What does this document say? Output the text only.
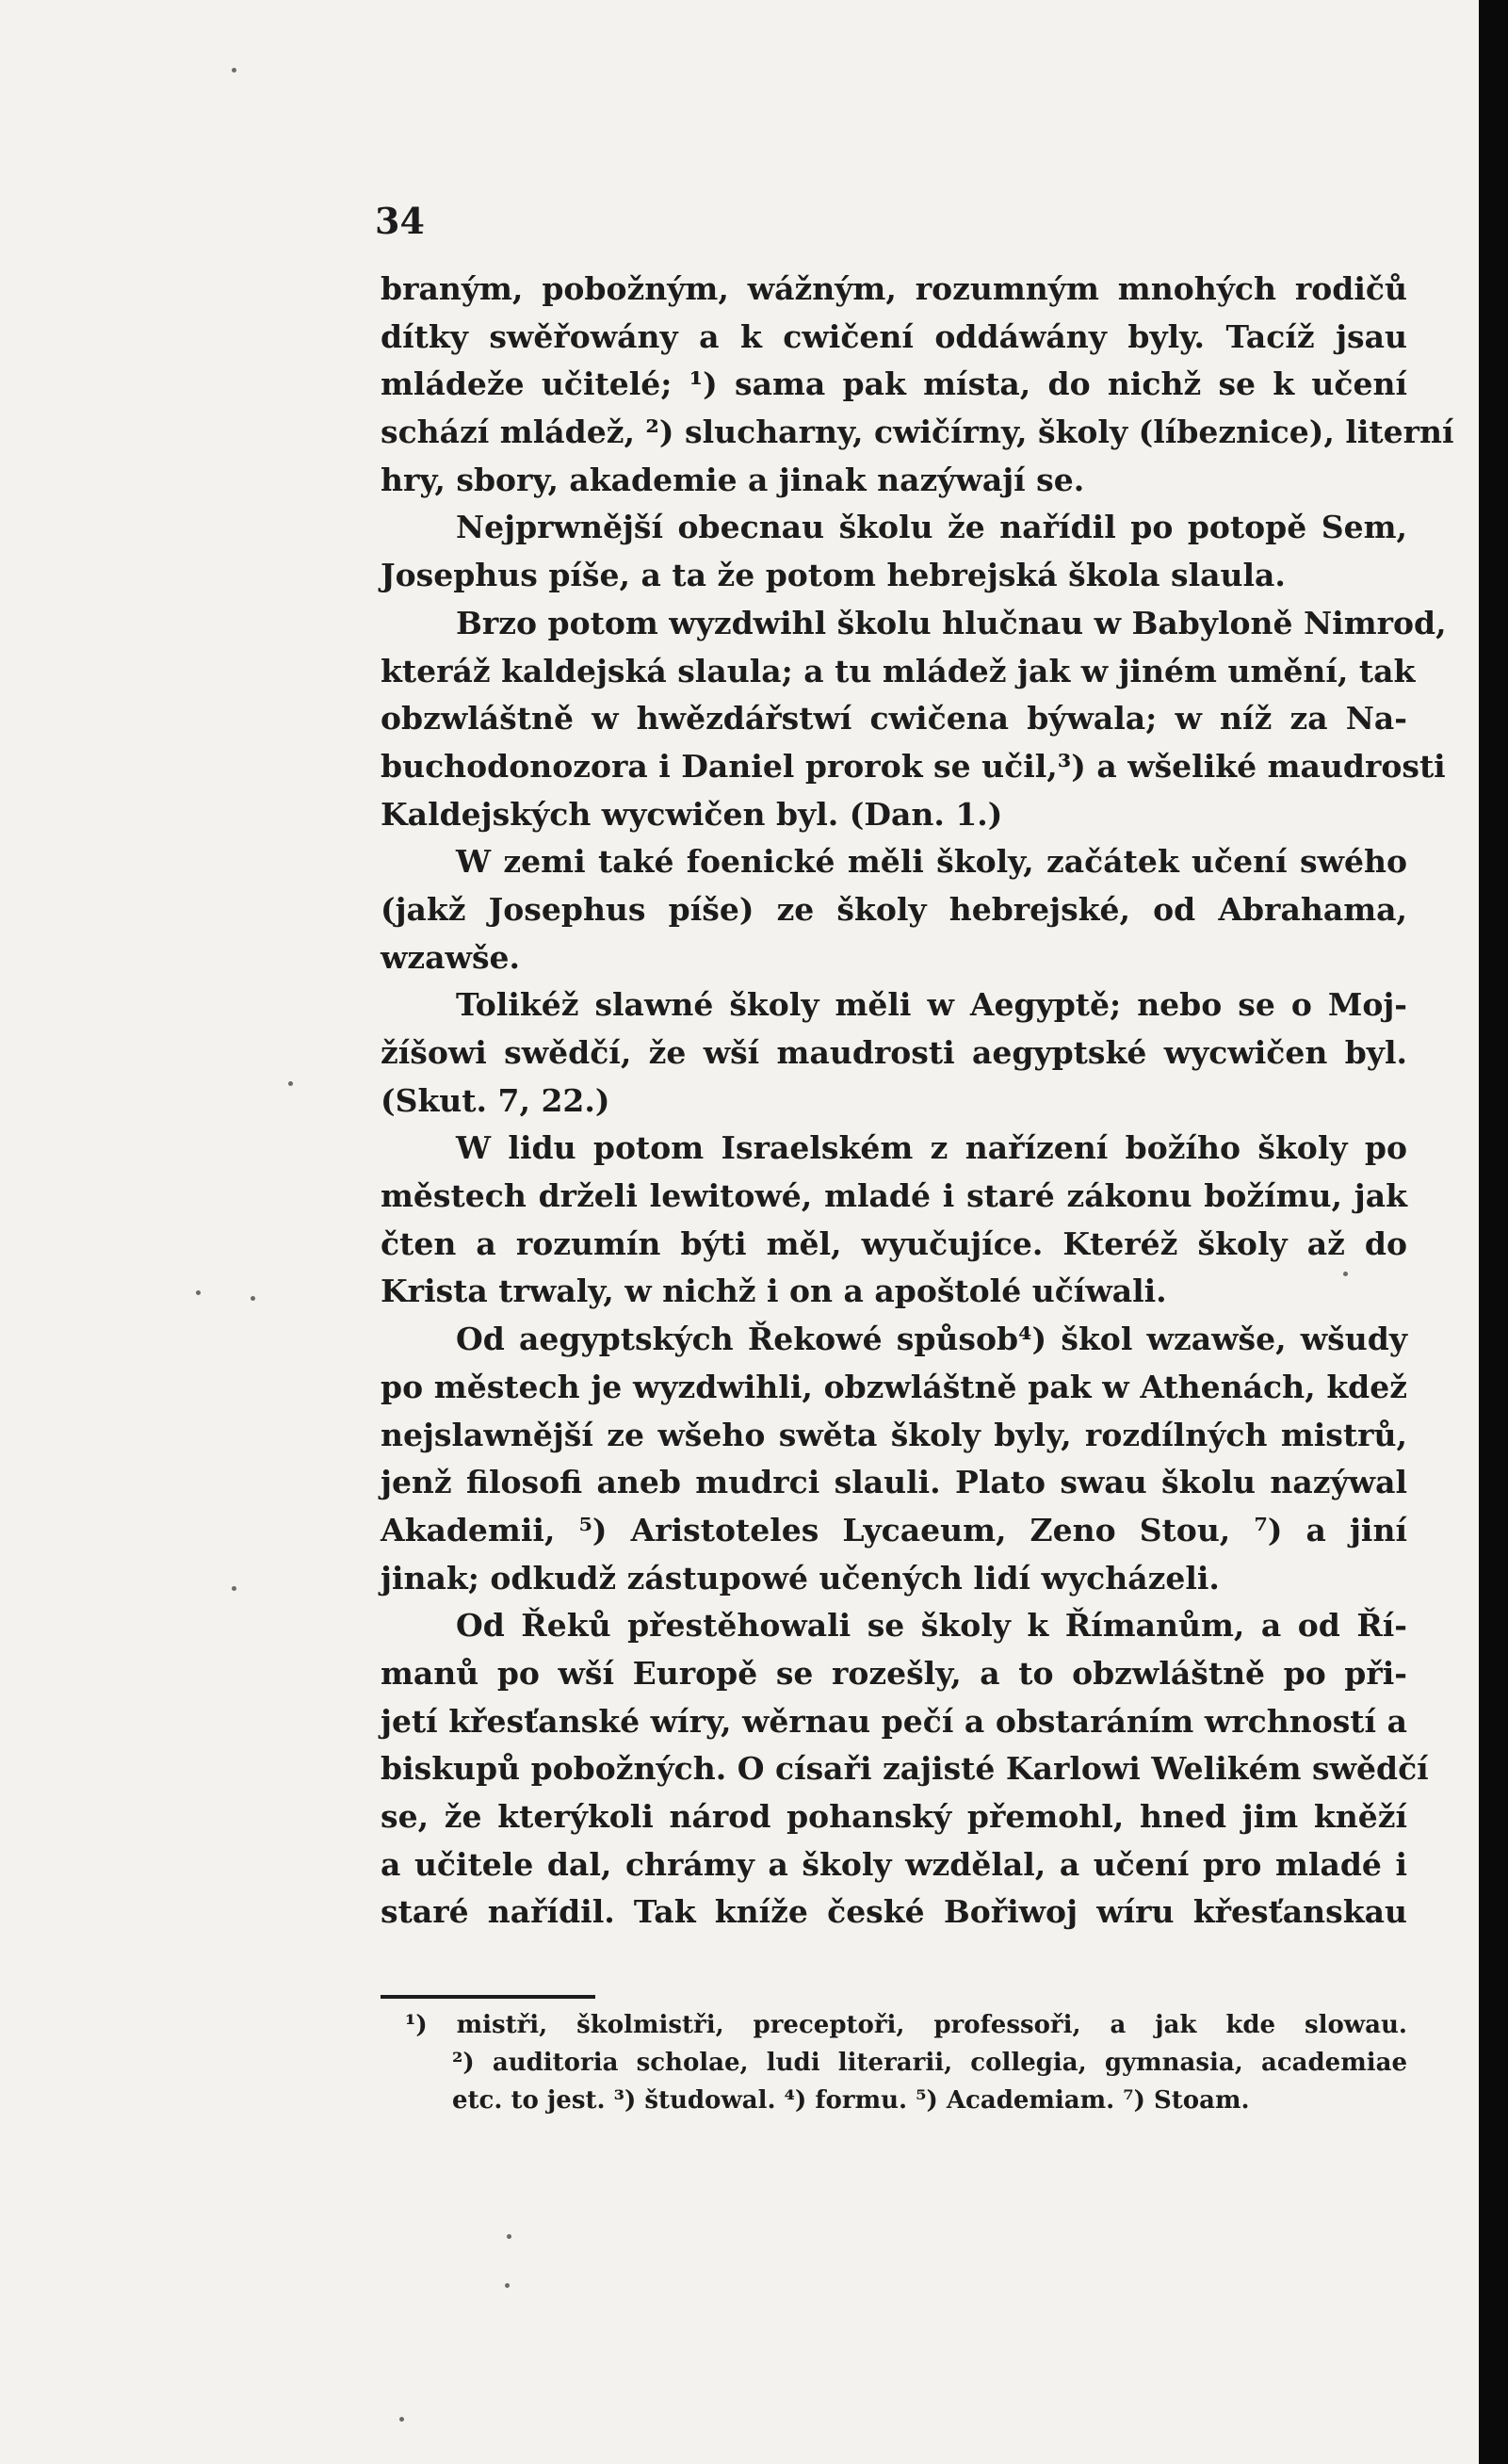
34
braným, pobožným, wážným, rozumným mnohých rodičů
dítky swěřowány a k cwičení oddáwány byly. Tacíž jsau
mládeže učitelé; ¹) sama pak místa, do nichž se k učení
schází mládež, ²) slucharny, cwičírny, školy (líbeznice), literní
hry, sbory, akademie a jinak nazýwají se.
Nejprwnější obecnau školu že nařídil po potopě Sem,
Josephus píše, a ta že potom hebrejská škola slaula.
Brzo potom wyzdwihl školu hlučnau w Babyloně Nimrod,
kteráž kaldejská slaula; a tu mládež jak w jiném umění, tak
obzwláštně w hwězdářstwí cwičena býwala; w níž za Na-
buchodonozora i Daniel prorok se učil,³) a wšeliké maudrosti
Kaldejských wycwičen byl. (Dan. 1.)
W zemi také foenické měli školy, začátek učení swého
(jakž Josephus píše) ze školy hebrejské, od Abrahama,
wzawše.
Tolikéž slawné školy měli w Aegyptě; nebo se o Moj-
žíšowi swědčí, že wší maudrosti aegyptské wycwičen byl.
(Skut. 7, 22.)
W lidu potom Israelském z nařízení božího školy po
městech drželi lewitowé, mladé i staré zákonu božímu, jak
čten a rozumín býti měl, wyučujíce. Kteréž školy až do
Krista trwaly, w nichž i on a apoštolé učíwali.
Od aegyptských Řekowé spůsob⁴) škol wzawše, wšudy
po městech je wyzdwihli, obzwláštně pak w Athenách, kdež
nejslawnější ze wšeho swěta školy byly, rozdílných mistrů,
jenž filosofi aneb mudrci slauli. Plato swau školu nazýwal
Akademii, ⁵) Aristoteles Lycaeum, Zeno Stou, ⁷) a jiní
jinak; odkudž zástupowé učených lidí wycházeli.
Od Řeků přestěhowali se školy k Římanům, a od Ří-
manů po wší Europě se rozešly, a to obzwláštně po při-
jetí křesťanské wíry, wěrnau pečí a obstaráním wrchností a
biskupů pobožných. O císaři zajisté Karlowi Welikém swědčí
se, že kterýkoli národ pohanský přemohl, hned jim kněží
a učitele dal, chrámy a školy wzdělal, a učení pro mladé i
staré nařídil. Tak kníže české Bořiwoj wíru křesťanskau
¹) mistři, školmistři, preceptoři, professoři, a jak kde slowau.
²) auditoria scholae, ludi literarii, collegia, gymnasia, academiae
etc. to jest. ³) študowal. ⁴) formu. ⁵) Academiam. ⁷) Stoam.
